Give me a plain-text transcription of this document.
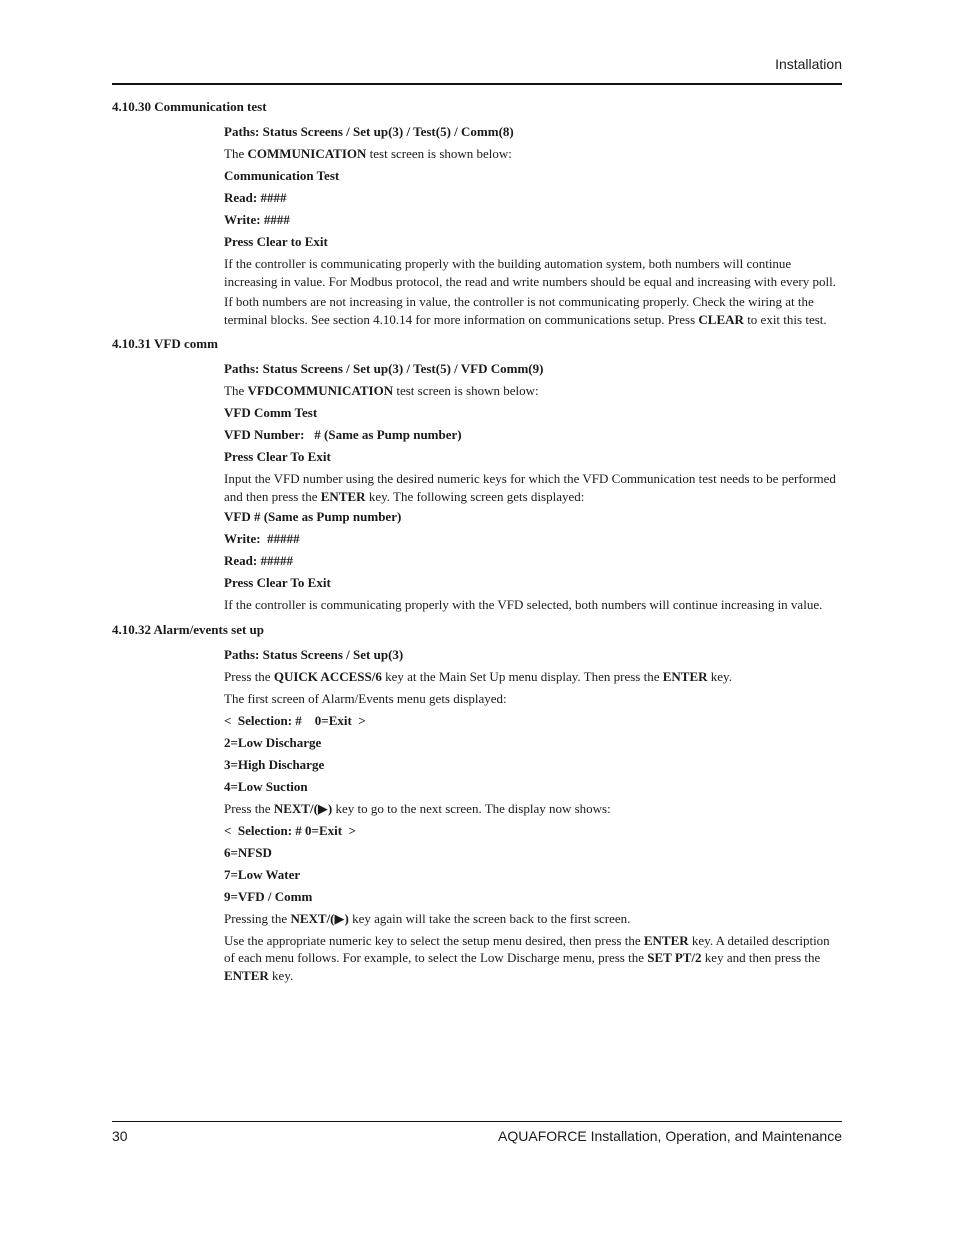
Installation
4.10.30 Communication test
Paths: Status Screens / Set up(3) / Test(5) / Comm(8)
The COMMUNICATION test screen is shown below:
Communication Test
Read: ####
Write: ####
Press Clear to Exit
If the controller is communicating properly with the building automation system, both numbers will continue increasing in value. For Modbus protocol, the read and write numbers should be equal and increasing with every poll.
If both numbers are not increasing in value, the controller is not communicating properly. Check the wiring at the terminal blocks. See section 4.10.14 for more information on communications setup. Press CLEAR to exit this test.
4.10.31 VFD comm
Paths: Status Screens / Set up(3) / Test(5) / VFD Comm(9)
The VFDCOMMUNICATION test screen is shown below:
VFD Comm Test
VFD Number:   # (Same as Pump number)
Press Clear To Exit
Input the VFD number using the desired numeric keys for which the VFD Communication test needs to be performed and then press the ENTER key. The following screen gets displayed:
VFD # (Same as Pump number)
Write:  #####
Read: #####
Press Clear To Exit
If the controller is communicating properly with the VFD selected, both numbers will continue increasing in value.
4.10.32 Alarm/events set up
Paths: Status Screens / Set up(3)
Press the QUICK ACCESS/6 key at the Main Set Up menu display. Then press the ENTER key.
The first screen of Alarm/Events menu gets displayed:
<  Selection: #    0=Exit  >
2=Low Discharge
3=High Discharge
4=Low Suction
Press the NEXT/(▶) key to go to the next screen. The display now shows:
<  Selection: # 0=Exit  >
6=NFSD
7=Low Water
9=VFD / Comm
Pressing the NEXT/(▶) key again will take the screen back to the first screen.
Use the appropriate numeric key to select the setup menu desired, then press the ENTER key. A detailed description of each menu follows. For example, to select the Low Discharge menu, press the SET PT/2 key and then press the ENTER key.
30	AQUAFORCE Installation, Operation, and Maintenance
